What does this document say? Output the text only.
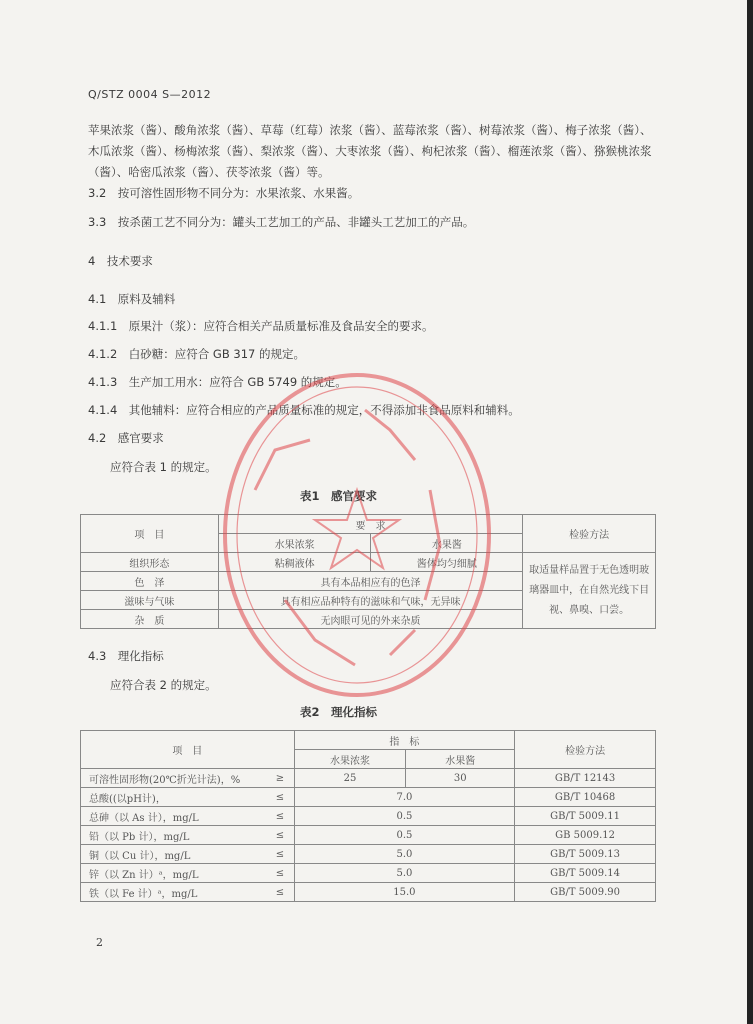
Q/STZ 0004 S—2012
苹果浓浆（酱）、酸角浓浆（酱）、草莓（红莓）浓浆（酱）、蓝莓浓浆（酱）、树莓浓浆（酱）、梅子浓浆（酱）、木瓜浓浆（酱）、杨梅浓浆（酱）、梨浓浆（酱）、大枣浓浆（酱）、枸杞浓浆（酱）、榴莲浓浆（酱）、猕猴桃浓浆（酱）、哈密瓜浓浆（酱）、茯苓浓浆（酱）等。
3.2　按可溶性固形物不同分为：水果浓浆、水果酱。
3.3　按杀菌工艺不同分为：罐头工艺加工的产品、非罐头工艺加工的产品。
4　技术要求
4.1　原料及辅料
4.1.1　原果汁（浆）：应符合相关产品质量标准及食品安全的要求。
4.1.2　白砂糖：应符合 GB 317 的规定。
4.1.3　生产加工用水：应符合 GB 5749 的规定。
4.1.4　其他辅料：应符合相应的产品质量标准的规定，不得添加非食品原料和辅料。
4.2　感官要求
应符合表 1 的规定。
表1　感官要求
项　目	要　求		检验方法
	水果浓浆	水果酱	
组织形态	粘稠液体	酱体均匀细腻	取适量样品置于无色透明玻璃器皿中，在自然光线下目视、鼻嗅、口尝。
色　泽	具有本品相应有的色泽		
滋味与气味	具有相应品种特有的滋味和气味，无异味		
杂　质	无肉眼可见的外来杂质		
4.3　理化指标
应符合表 2 的规定。
表2　理化指标
项　目		指　标		检验方法
		水果浓浆	水果酱	
可溶性固形物(20℃折光计法)，%	≥	25	30	GB/T 12143
总酸((以pH计)，	≤	7.0		GB/T 10468
总砷（以 As 计），mg/L	≤	0.5		GB/T 5009.11
铅（以 Pb 计），mg/L	≤	0.5		GB 5009.12
铜（以 Cu 计），mg/L	≤	5.0		GB/T 5009.13
锌（以 Zn 计）ᵃ，mg/L	≤	5.0		GB/T 5009.14
铁（以 Fe 计）ᵃ，mg/L	≤	15.0		GB/T 5009.90
2
